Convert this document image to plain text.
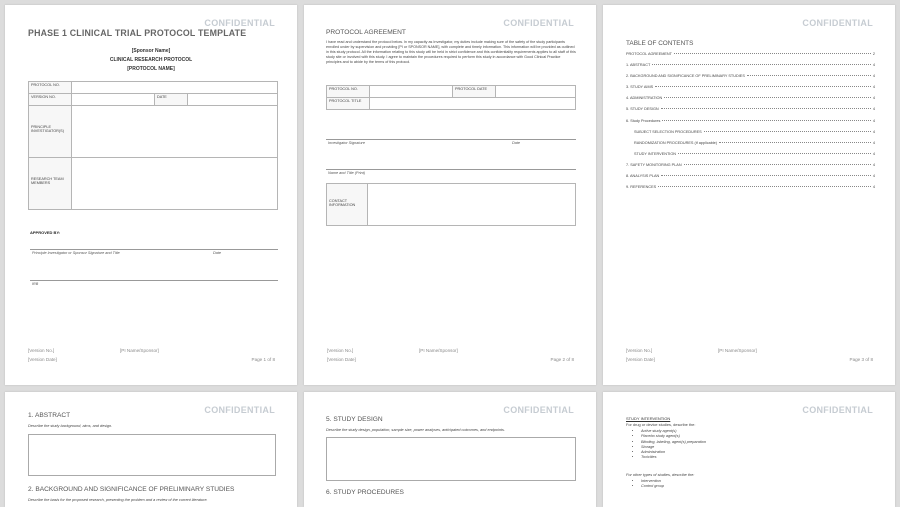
CONFIDENTIAL
PHASE 1 CLINICAL TRIAL PROTOCOL TEMPLATE
[Sponsor Name]
CLINICAL RESEARCH PROTOCOL
[PROTOCOL NAME]
PROTOCOL NO.			
VERSION NO.		DATE	
PRINCIPLE INVESTIGATOR(S)			
RESEARCH TEAM MEMBERS			
APPROVED BY:
Principle Investigator or Sponsor Signature and Title	Date
IRB
[Version No.]	[PI Name/Sponsor]
[Version Date]	Page 1 of 8
CONFIDENTIAL
PROTOCOL AGREEMENT
I have read and understand the protocol below. In my capacity as Investigator, my duties include making sure of the safety of the study participants enrolled under by supervision and providing [PI or SPONSOR NAME], with complete and timely information. This information will be provided as outlined in this study protocol. All the information relating to this study will be held in strict confidence and this confidentiality requirements applies to all staff of this study site or involved with this study. I agree to maintain the procedures required to perform this study in accordance with Good Clinical Practice principles and to abide by the terms of this protocol.
PROTOCOL NO.		PROTOCOL DATE	
PROTOCOL TITLE			
Investigator Signature	Date
Name and Title (Print)
CONTACT INFORMATION	
[Version No.]	[PI Name/Sponsor]
[Version Date]	Page 2 of 8
CONFIDENTIAL
TABLE OF CONTENTS
PROTOCOL AGREEMENT	2
1. ABSTRACT	4
2. BACKGROUND AND SIGNIFICANCE OF PRELIMINARY STUDIES	4
3. STUDY AIMS	4
4. ADMINISTRATION	4
5. STUDY DESIGN	4
6. Study Procedures	4
SUBJECT SELECTION PROCEDURES	4
RANDOMIZATION PROCEDURES (if applicable)	4
STUDY INTERVENTION	4
7. SAFETY MONITORING PLAN	4
8. ANALYSIS PLAN	4
9. REFERENCES	4
[Version No.]	[PI Name/Sponsor]
[Version Date]	Page 3 of 8
CONFIDENTIAL
1. ABSTRACT
Describe the study background, aims, and design.
2. BACKGROUND AND SIGNIFICANCE OF PRELIMINARY STUDIES
Describe the basis for the proposed research, presenting the problem and a review of the current literature.
CONFIDENTIAL
5. STUDY DESIGN
Describe the study design, population, sample size, power analyses, anticipated outcomes, and endpoints.
6. STUDY PROCEDURES
CONFIDENTIAL
STUDY INTERVENTION
For drug or device studies, describe the:
• Active study agent(s)
• Placebo study agent(s)
• Blinding, labeling, agent(s) preparation
• Storage
• Administration
• Toxicities
For other types of studies, describe the:
• Intervention
• Control group
